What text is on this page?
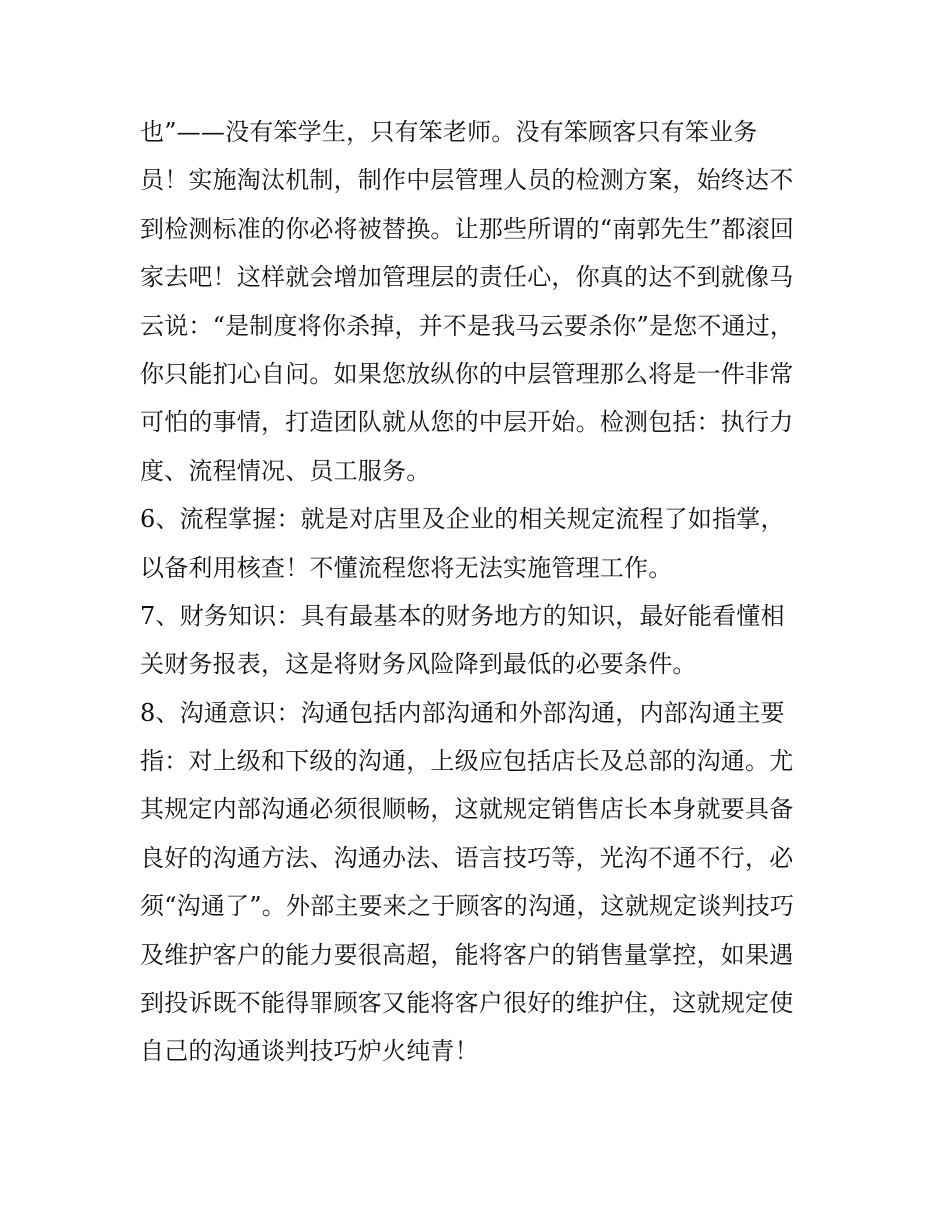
也”——没有笨学生，只有笨老师。没有笨顾客只有笨业务
员！实施淘汰机制，制作中层管理人员的检测方案，始终达不
到检测标准的你必将被替换。让那些所谓的“南郭先生”都滚回
家去吧！这样就会增加管理层的责任心，你真的达不到就像马
云说：“是制度将你杀掉，并不是我马云要杀你”是您不通过，
你只能扪心自问。如果您放纵你的中层管理那么将是一件非常
可怕的事情，打造团队就从您的中层开始。检测包括：执行力
度、流程情况、员工服务。
6、流程掌握：就是对店里及企业的相关规定流程了如指掌，
以备利用核查！不懂流程您将无法实施管理工作。
7、财务知识：具有最基本的财务地方的知识，最好能看懂相
关财务报表，这是将财务风险降到最低的必要条件。
8、沟通意识：沟通包括内部沟通和外部沟通，内部沟通主要
指：对上级和下级的沟通，上级应包括店长及总部的沟通。尤
其规定内部沟通必须很顺畅，这就规定销售店长本身就要具备
良好的沟通方法、沟通办法、语言技巧等，光沟不通不行，必
须“沟通了”。外部主要来之于顾客的沟通，这就规定谈判技巧
及维护客户的能力要很高超，能将客户的销售量掌控，如果遇
到投诉既不能得罪顾客又能将客户很好的维护住，这就规定使
自己的沟通谈判技巧炉火纯青！
